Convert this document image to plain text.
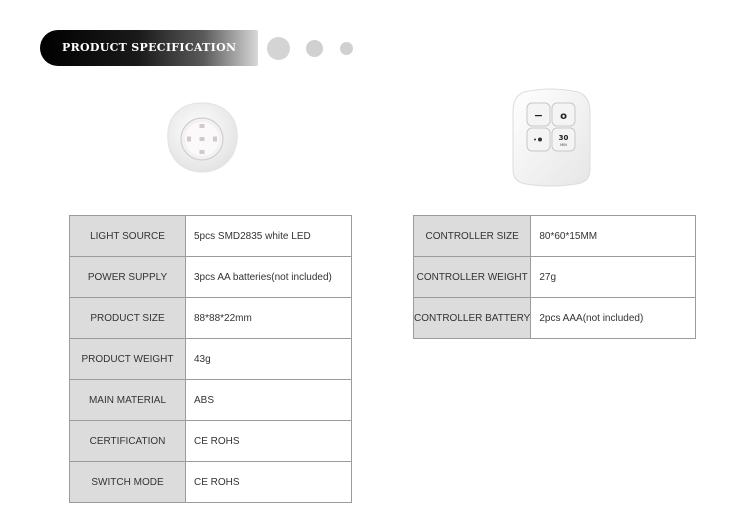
PRODUCT SPECIFICATION
− o
30
MIN
LIGHT SOURCE	5pcs SMD2835 white LED
POWER SUPPLY	3pcs AA batteries(not included)
PRODUCT SIZE	88*88*22mm
PRODUCT WEIGHT	43g
MAIN MATERIAL	ABS
CERTIFICATION	CE ROHS
SWITCH MODE	CE ROHS
CONTROLLER SIZE	80*60*15MM
CONTROLLER WEIGHT	27g
CONTROLLER BATTERY	2pcs AAA(not included)
